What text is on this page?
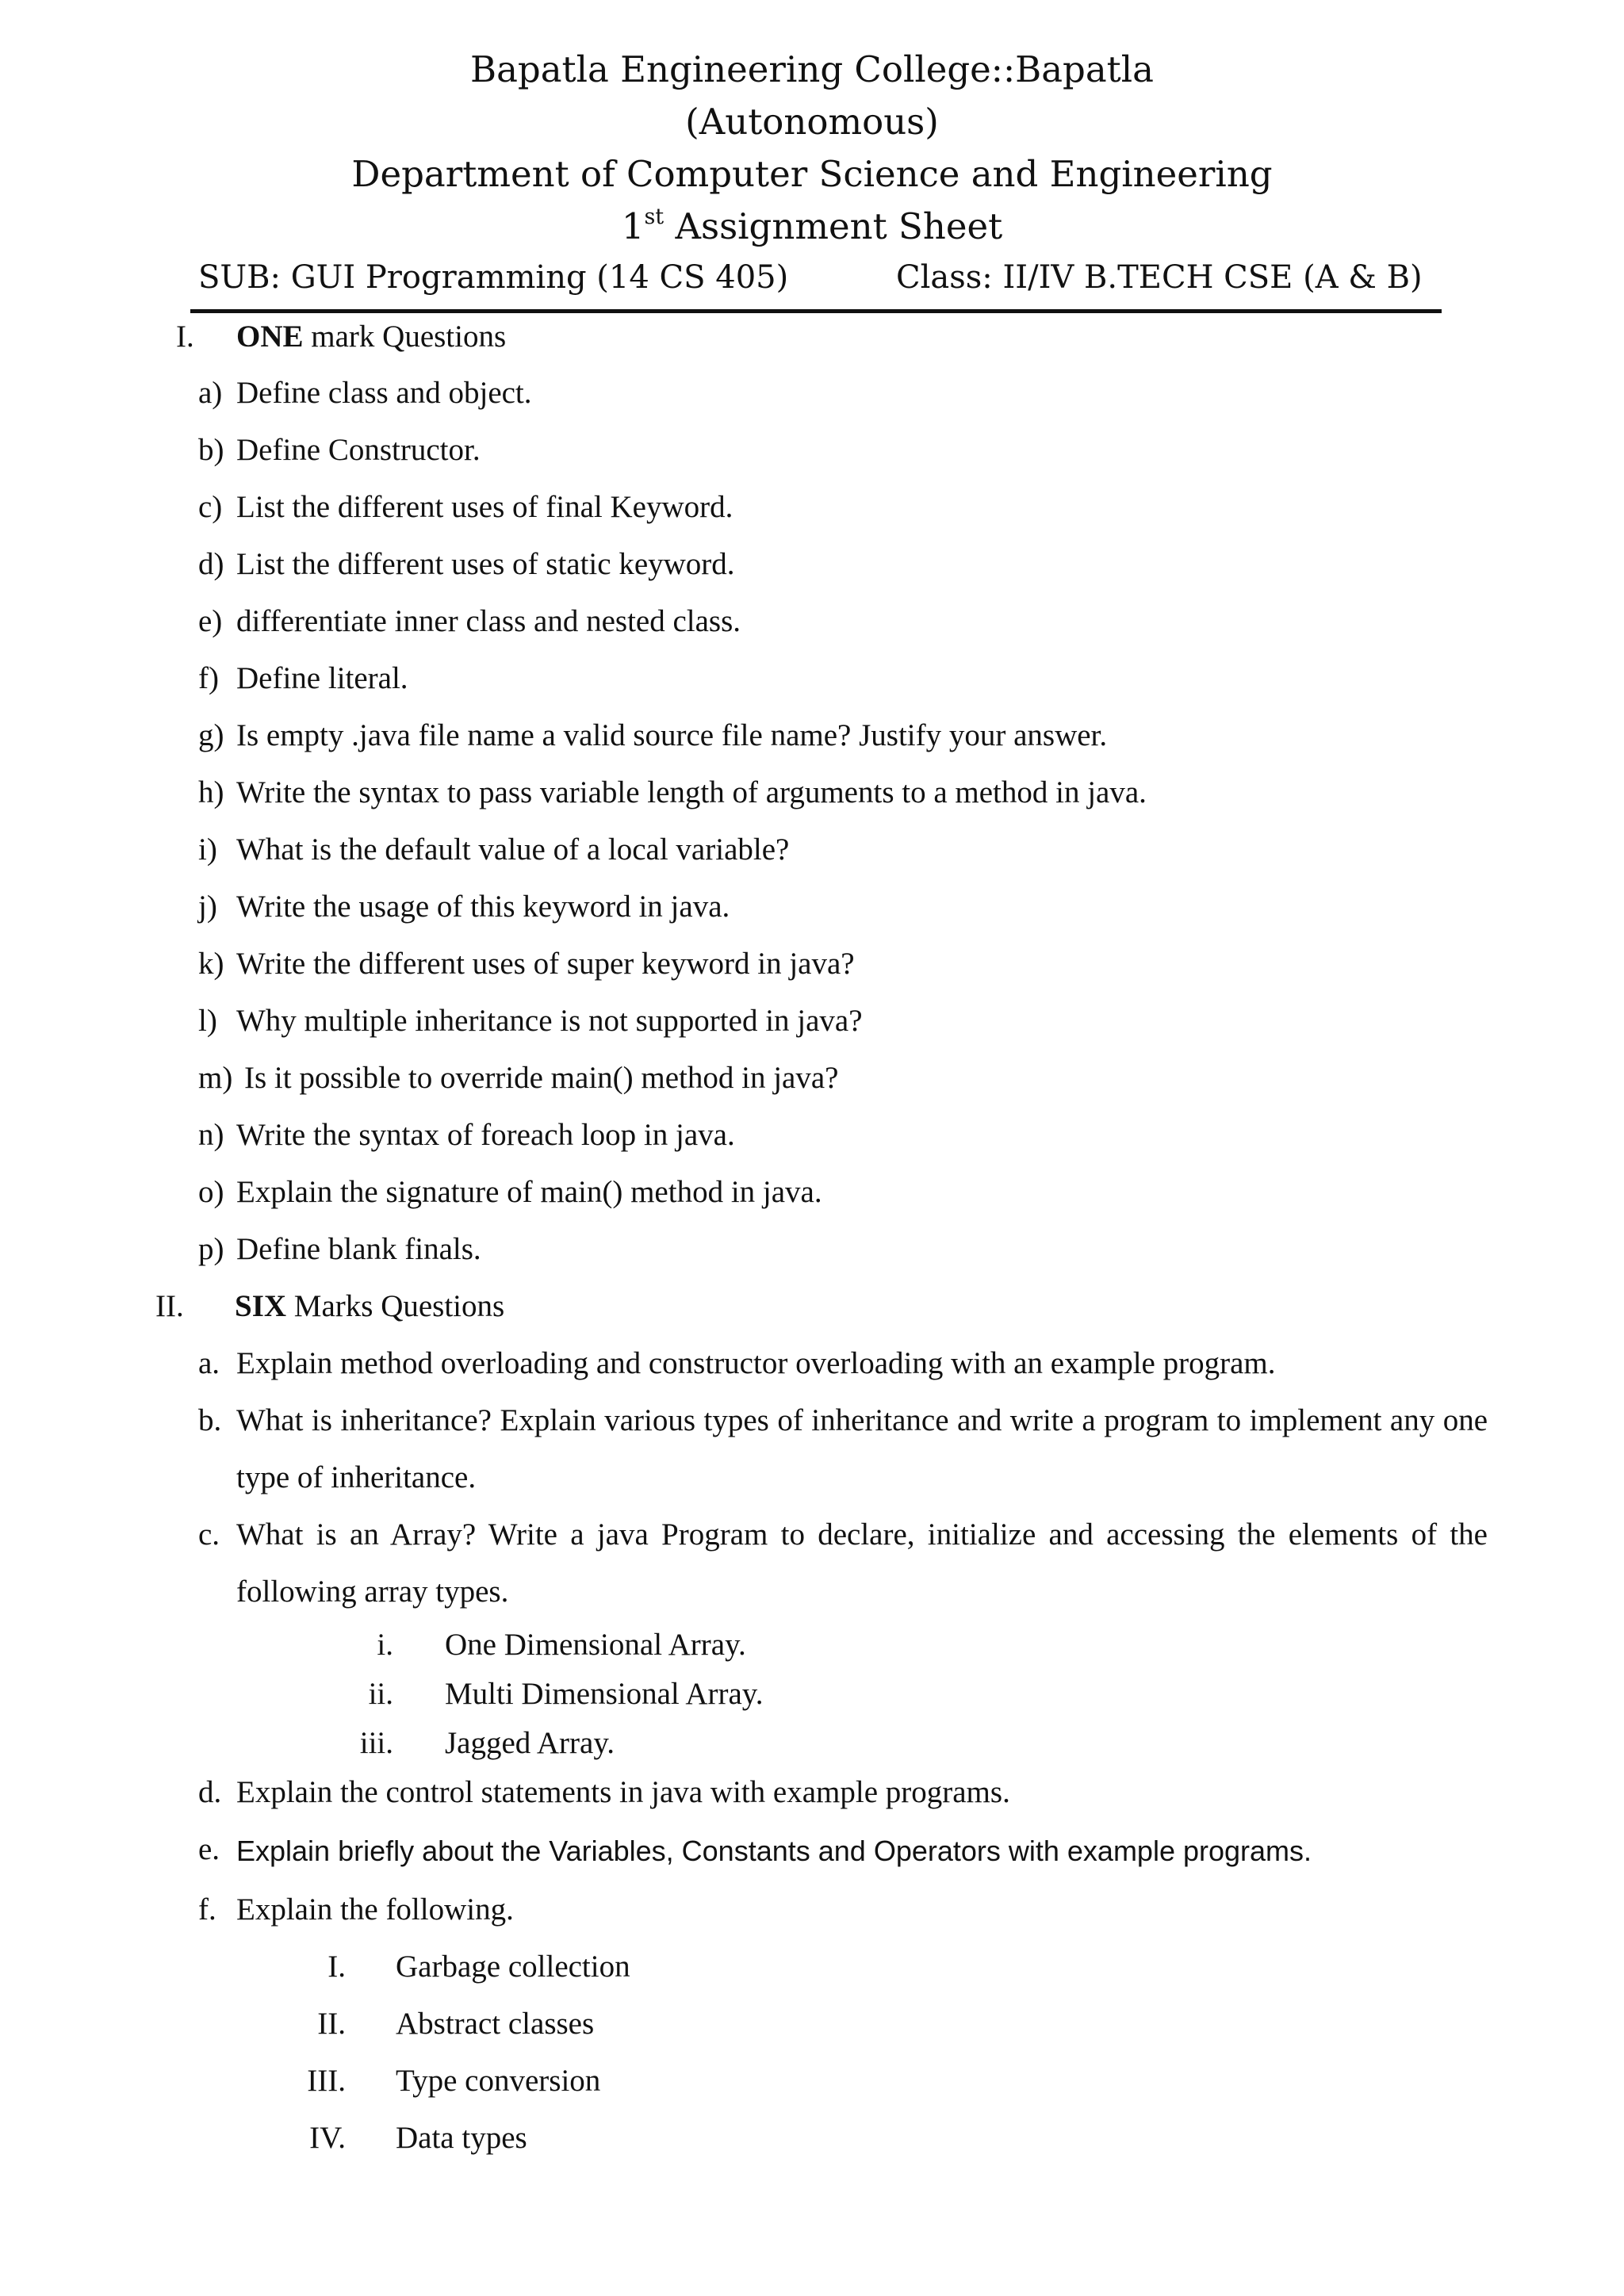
Bapatla Engineering College::Bapatla
(Autonomous)
Department of Computer Science and Engineering
1st Assignment Sheet
SUB: GUI Programming (14 CS 405)	Class: II/IV B.TECH CSE (A & B)
I. ONE mark Questions
a) Define class and object.
b) Define Constructor.
c) List the different uses of final Keyword.
d) List the different uses of static keyword.
e) differentiate inner class and nested class.
f) Define literal.
g) Is empty .java file name a valid source file name? Justify your answer.
h) Write the syntax to pass variable length of arguments to a method in java.
i) What is the default value of a local variable?
j) Write the usage of this keyword in java.
k) Write the different uses of super keyword in java?
l) Why multiple inheritance is not supported in java?
m) Is it possible to override main() method in java?
n) Write the syntax of foreach loop in java.
o) Explain the signature of main() method in java.
p) Define blank finals.
II. SIX Marks Questions
a. Explain method overloading and constructor overloading with an example program.
b. What is inheritance? Explain various types of inheritance and write a program to implement any one type of inheritance.
c. What is an Array? Write a java Program to declare, initialize and accessing the elements of the following array types.
i. One Dimensional Array.
ii. Multi Dimensional Array.
iii. Jagged Array.
d. Explain the control statements in java with example programs.
e. Explain briefly about the Variables, Constants and Operators with example programs.
f. Explain the following.
I. Garbage collection
II. Abstract classes
III. Type conversion
IV. Data types
